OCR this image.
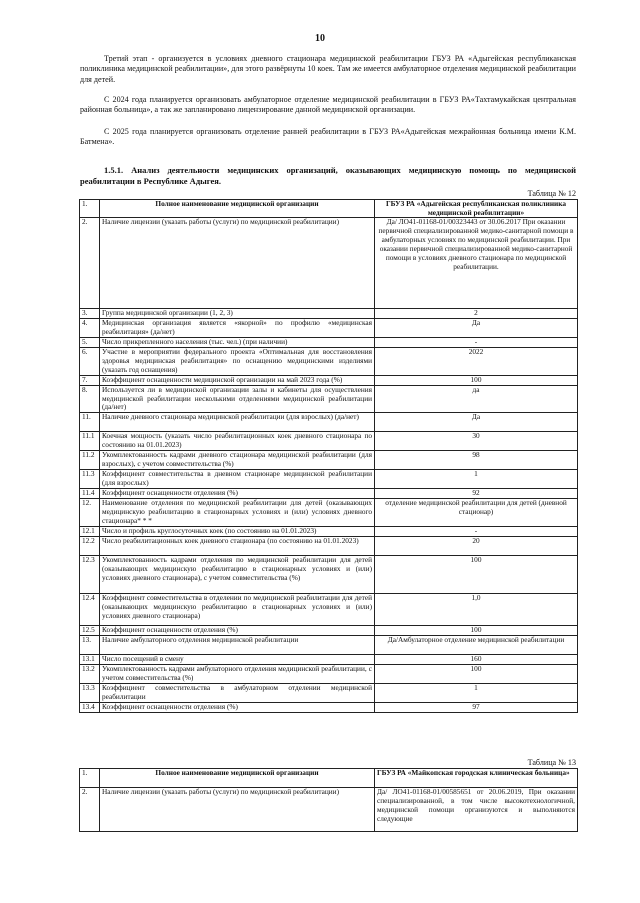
10

Третий этап - организуется в условиях дневного стационара медицинской реабилитации ГБУЗ РА «Адыгейская республиканская поликлиника медицинской реабилитации», для этого развёрнуты 10 коек. Там же имеется амбулаторное отделения медицинской реабилитации для детей.

С 2024 года планируется организовать амбулаторное отделение медицинской реабилитации в ГБУЗ РА«Тахтамукайская центральная районная больница», а так же запланировано лицензирование данной медицинской организации.

С 2025 года планируется организовать отделение ранней реабилитации в ГБУЗ РА«Адыгейская межрайонная больница имени К.М. Батмена».

1.5.1. Анализ деятельности медицинских организаций, оказывающих медицинскую помощь по медицинской реабилитации в Республике Адыгея.

Таблица № 12
1.	Полное наименование медицинской организации	ГБУЗ РА «Адыгейская республиканская поликлиника медицинской реабилитации»
2.	Наличие лицензии (указать работы (услуги) по медицинской реабилитации)	Да/ ЛО41-01168-01/00323443 от 30.06.2017 При оказании первичной специализированной медико-санитарной помощи в амбулаторных условиях по медицинской реабилитации. При оказании первичной специализированной медико-санитарной помощи в условиях дневного стационара по медицинской реабилитации.
3.	Группа медицинской организации (1, 2, 3)	2
4.	Медицинская организация является «якорной» по профилю «медицинская реабилитация» (да/нет)	Да
5.	Число прикрепленного населения (тыс. чел.) (при наличии)	-
6.	Участие в мероприятии федерального проекта «Оптимальная для восстановления здоровья медицинская реабилитация» по оснащению медицинскими изделиями (указать год оснащения)	2022
7.	Коэффициент оснащенности медицинской организации на май 2023 года (%)	100
8.	Используется ли в медицинской организации залы и кабинеты для осуществления медицинской реабилитации несколькими отделениями медицинской реабилитации (да/нет)	да
11.	Наличие дневного стационара медицинской реабилитации (для взрослых) (да/нет)	Да
11.1	Коечная мощность (указать число реабилитационных коек дневного стационара по состоянию на 01.01.2023)	30
11.2	Укомплектованность кадрами дневного стационара медицинской реабилитации (для взрослых), с учетом совместительства (%)	98
11.3	Коэффициент совместительства в дневном стационаре медицинской реабилитации (для взрослых)	1
11.4	Коэффициент оснащенности отделения (%)	92
12.	Наименование отделения по медицинской реабилитации для детей (оказывающих медицинскую реабилитацию в стационарных условиях и (или) условиях дневного стационара* * *	отделение медицинской реабилитации для детей (дневной стационар)
12.1	Число и профиль круглосуточных коек (по состоянию на 01.01.2023)	-
12.2	Число реабилитационных коек дневного стационара (по состоянию на 01.01.2023)	20
12.3	Укомплектованность кадрами отделения по медицинской реабилитации для детей (оказывающих медицинскую реабилитацию в стационарных условиях и (или) условиях дневного стационара), с учетом совместительства (%)	100
12.4	Коэффициент совместительства в отделении по медицинской реабилитации для детей (оказывающих медицинскую реабилитацию в стационарных условиях и (или) условиях дневного стационара)	1,0
12.5	Коэффициент оснащенности отделения (%)	100
13.	Наличие амбулаторного отделения медицинской реабилитации	Да/Амбулаторное отделение медицинской реабилитации
13.1	Число посещений в смену	160
13.2	Укомплектованность кадрами амбулаторного отделения медицинской реабилитации, с учетом совместительства (%)	100
13.3	Коэффициент совместительства в амбулаторном отделении медицинской реабилитации	1
13.4	Коэффициент оснащенности отделения (%)	97
Таблица № 13
1.	Полное наименование медицинской организации	ГБУЗ РА «Майкопская городская клиническая больница»
2.	Наличие лицензии (указать работы (услуги) по медицинской реабилитации)	Да/ ЛО41-01168-01/00585651 от 20.06.2019, При оказании специализированной, в том числе высокотехнологичной, медицинской помощи организуются и выполняются следующие
